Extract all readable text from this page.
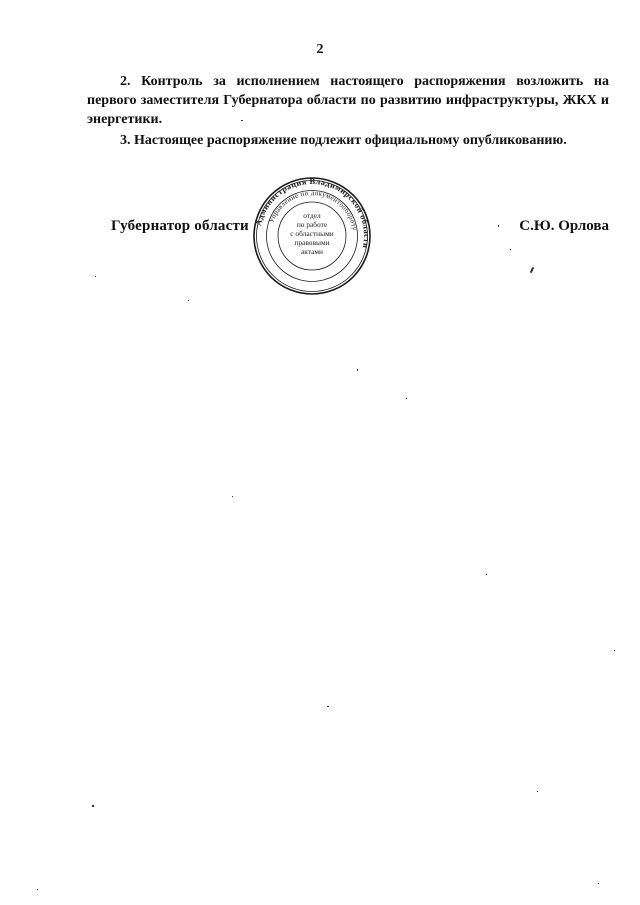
2
2. Контроль за исполнением настоящего распоряжения возложить на первого заместителя Губернатора области по развитию инфраструктуры, ЖКХ и энергетики.
3. Настоящее распоряжение подлежит официальному опубликованию.
Губернатор области	С.Ю. Орлова
Администрация Владимирской области
Управление по документообороту
отдел
по работе
с областными
правовыми
актами
